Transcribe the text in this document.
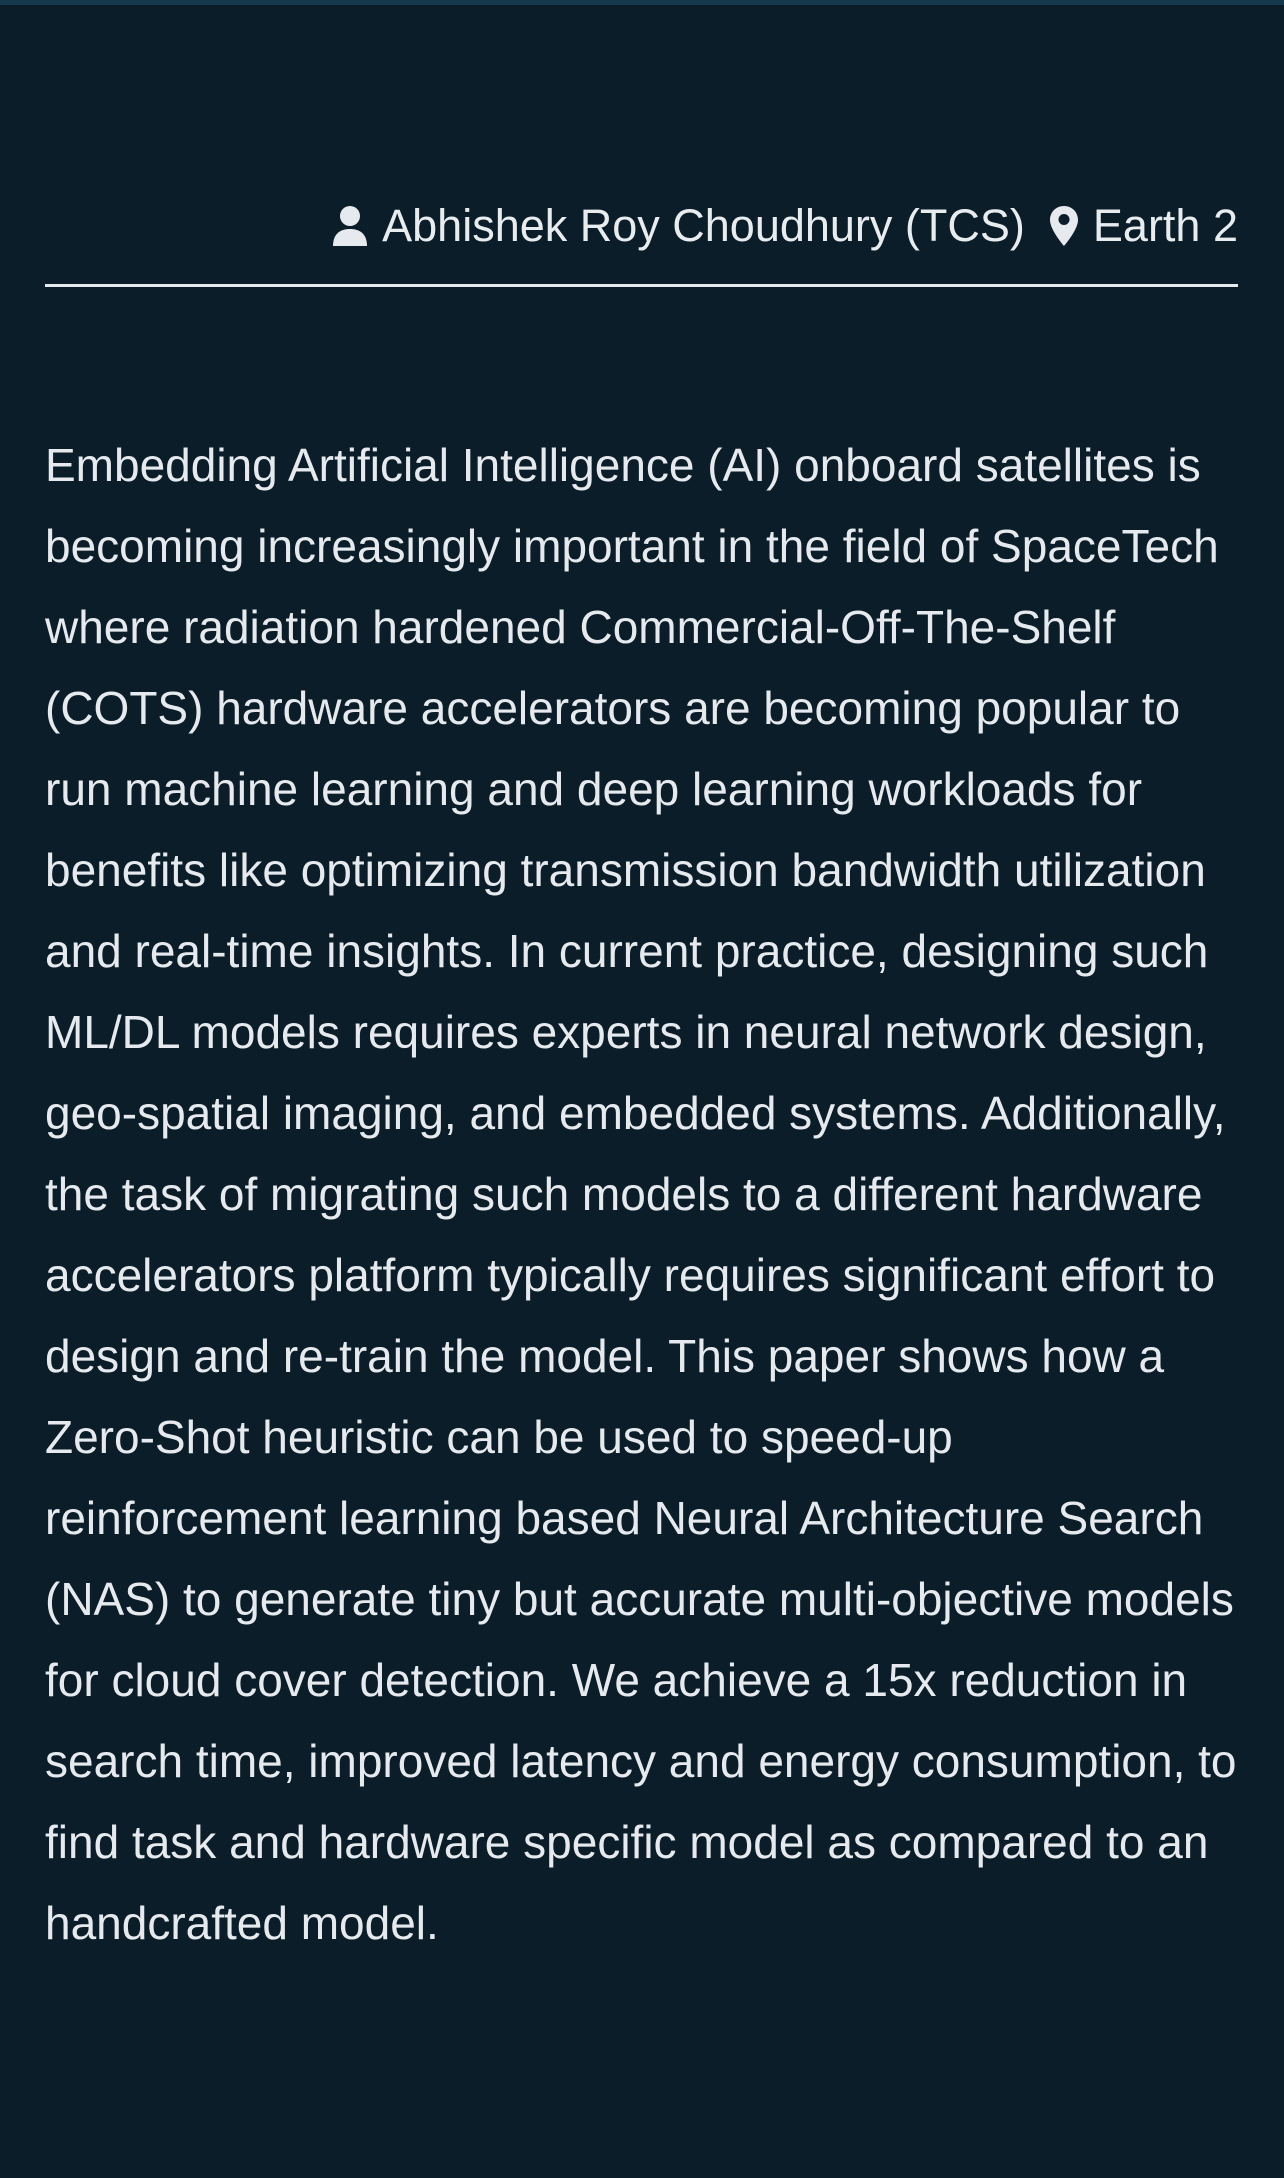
Abhishek Roy Choudhury (TCS) Earth 2

Embedding Artificial Intelligence (AI) onboard satellites is becoming increasingly important in the field of SpaceTech where radiation hardened Commercial-Off-The-Shelf (COTS) hardware accelerators are becoming popular to run machine learning and deep learning workloads for benefits like optimizing transmission bandwidth utilization and real-time insights. In current practice, designing such ML/DL models requires experts in neural network design, geo-spatial imaging, and embedded systems. Additionally, the task of migrating such models to a different hardware accelerators platform typically requires significant effort to design and re-train the model. This paper shows how a Zero-Shot heuristic can be used to speed-up reinforcement learning based Neural Architecture Search (NAS) to generate tiny but accurate multi-objective models for cloud cover detection. We achieve a 15x reduction in search time, improved latency and energy consumption, to find task and hardware specific model as compared to an handcrafted model.
